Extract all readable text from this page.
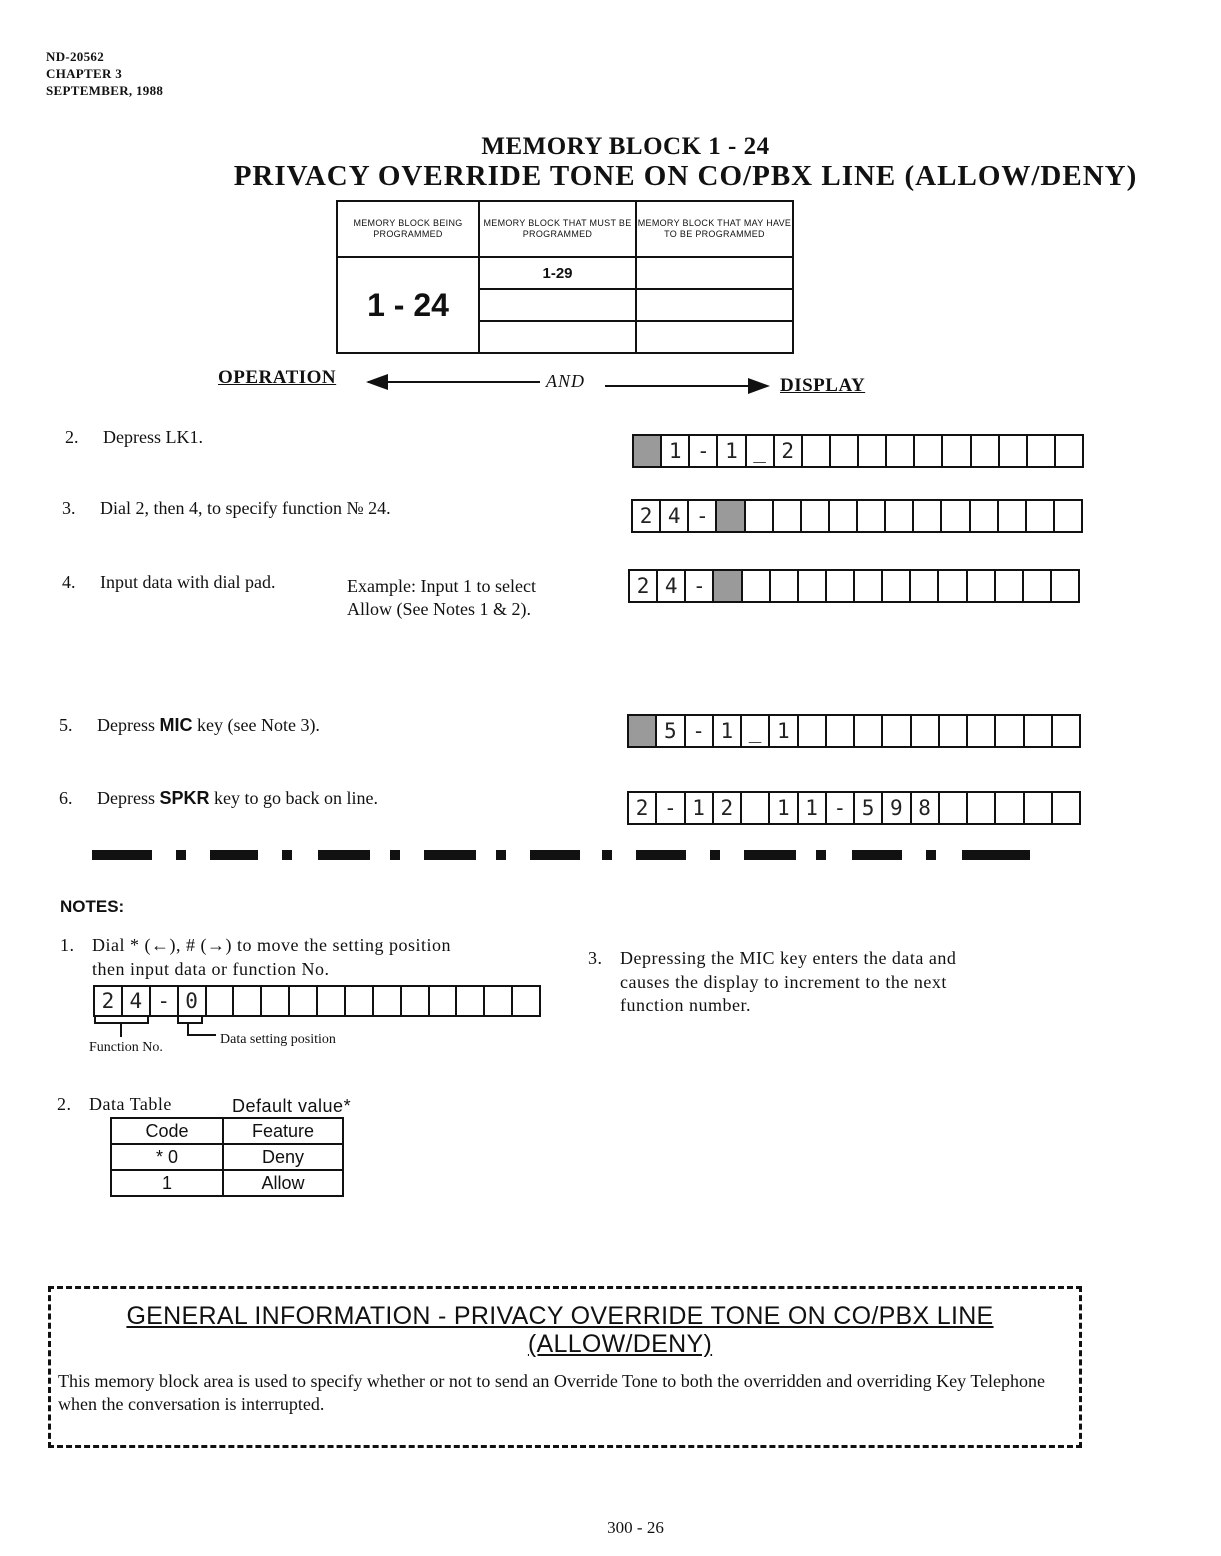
ND-20562
CHAPTER 3
SEPTEMBER, 1988
MEMORY BLOCK 1 - 24
PRIVACY OVERRIDE TONE ON CO/PBX LINE (ALLOW/DENY)
MEMORY BLOCK BEING PROGRAMMED	MEMORY BLOCK THAT MUST BE PROGRAMMED	MEMORY BLOCK THAT MAY HAVE TO BE PROGRAMMED
1 - 24	1-29	

OPERATION	AND	DISPLAY
2. Depress LK1.
1 - 1 _ 2
3. Dial 2, then 4, to specify function № 24.	2 4 -
4. Input data with dial pad.	Example: Input 1 to select
Allow (See Notes 1 & 2).
2 4 -
5. Depress MIC key (see Note 3).	5 - 1 _ 1
6. Depress SPKR key to go back on line.	2 - 1 2	1 1 - 5 9 8
NOTES:
1. Dial * (←), # (→) to move the setting position
then input data or function No.
2 4 - 0
Function No.
Data setting position
3. Depressing the MIC key enters the data and
causes the display to increment to the next
function number.
2. Data Table	Default value*
Code	Feature
* 0	Deny
1	Allow
GENERAL INFORMATION - PRIVACY OVERRIDE TONE ON CO/PBX LINE
(ALLOW/DENY)
This memory block area is used to specify whether or not to send an Override Tone to both the overridden and overriding Key Telephone when the conversation is interrupted.
300 - 26
